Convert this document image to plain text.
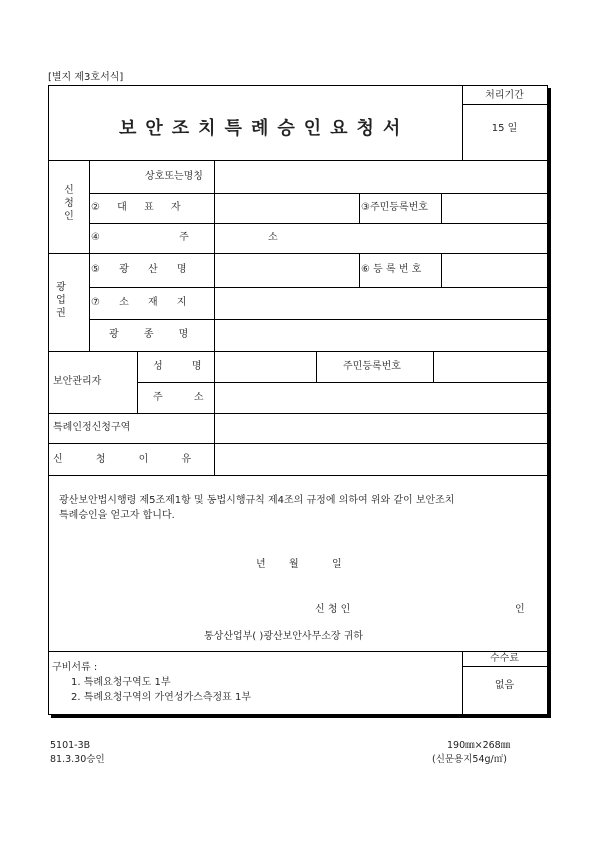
[별지 제3호서식]
보안조치특례승인요청서
처리기간
15 일
신
청
인
상호또는명칭
② 대 표 자	③주민등록번호
④ 주 소
광
업
권
⑤ 광 산 명	⑥ 등 록 번 호
⑦ 소 재 지
광 종 명
보안관리자
성 명	주민등록번호
주 소
특례인정신청구역
신 청 이 유
광산보안법시행령 제5조제1항 및 동법시행규칙 제4조의 규정에 의하여 위와 같이 보안조치
특례승인을 얻고자 합니다.
년 월	일
신 청 인	인
통상산업부( )광산보안사무소장 귀하
구비서류 :
1. 특례요청구역도 1부
2. 특례요청구역의 가연성가스측정표 1부
수수료
없음
5101-3B
81.3.30승인
190㎜×268㎜
(신문용지54g/㎡)
